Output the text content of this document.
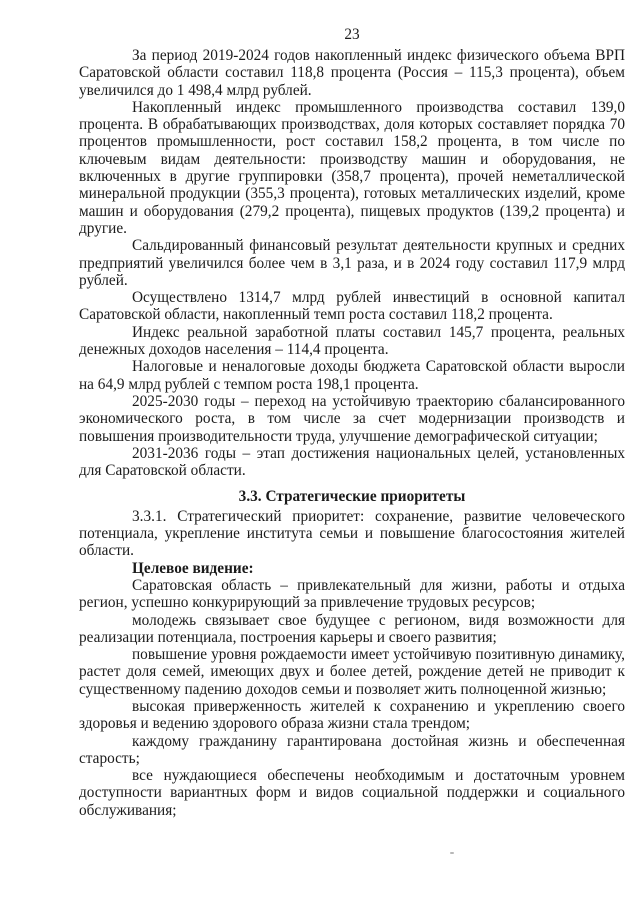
23

За период 2019-2024 годов накопленный индекс физического объема ВРП Саратовской области составил 118,8 процента (Россия – 115,3 процента), объем увеличился до 1 498,4 млрд рублей.

Накопленный индекс промышленного производства составил 139,0 процента. В обрабатывающих производствах, доля которых составляет порядка 70 процентов промышленности, рост составил 158,2 процента, в том числе по ключевым видам деятельности: производству машин и оборудования, не включенных в другие группировки (358,7 процента), прочей неметаллической минеральной продукции (355,3 процента), готовых металлических изделий, кроме машин и оборудования (279,2 процента), пищевых продуктов (139,2 процента) и другие.

Сальдированный финансовый результат деятельности крупных и средних предприятий увеличился более чем в 3,1 раза, и в 2024 году составил 117,9 млрд рублей.

Осуществлено 1314,7 млрд рублей инвестиций в основной капитал Саратовской области, накопленный темп роста составил 118,2 процента.

Индекс реальной заработной платы составил 145,7 процента, реальных денежных доходов населения – 114,4 процента.

Налоговые и неналоговые доходы бюджета Саратовской области выросли на 64,9 млрд рублей с темпом роста 198,1 процента.

2025-2030 годы – переход на устойчивую траекторию сбалансированного экономического роста, в том числе за счет модернизации производств и повышения производительности труда, улучшение демографической ситуации;

2031-2036 годы – этап достижения национальных целей, установленных для Саратовской области.

3.3. Стратегические приоритеты

3.3.1. Стратегический приоритет: сохранение, развитие человеческого потенциала, укрепление института семьи и повышение благосостояния жителей области.

Целевое видение:

Саратовская область – привлекательный для жизни, работы и отдыха регион, успешно конкурирующий за привлечение трудовых ресурсов;

молодежь связывает свое будущее с регионом, видя возможности для реализации потенциала, построения карьеры и своего развития;

повышение уровня рождаемости имеет устойчивую позитивную динамику, растет доля семей, имеющих двух и более детей, рождение детей не приводит к существенному падению доходов семьи и позволяет жить полноценной жизнью;

высокая приверженность жителей к сохранению и укреплению своего здоровья и ведению здорового образа жизни стала трендом;

каждому гражданину гарантирована достойная жизнь и обеспеченная старость;

все нуждающиеся обеспечены необходимым и достаточным уровнем доступности вариантных форм и видов социальной поддержки и социального обслуживания;
